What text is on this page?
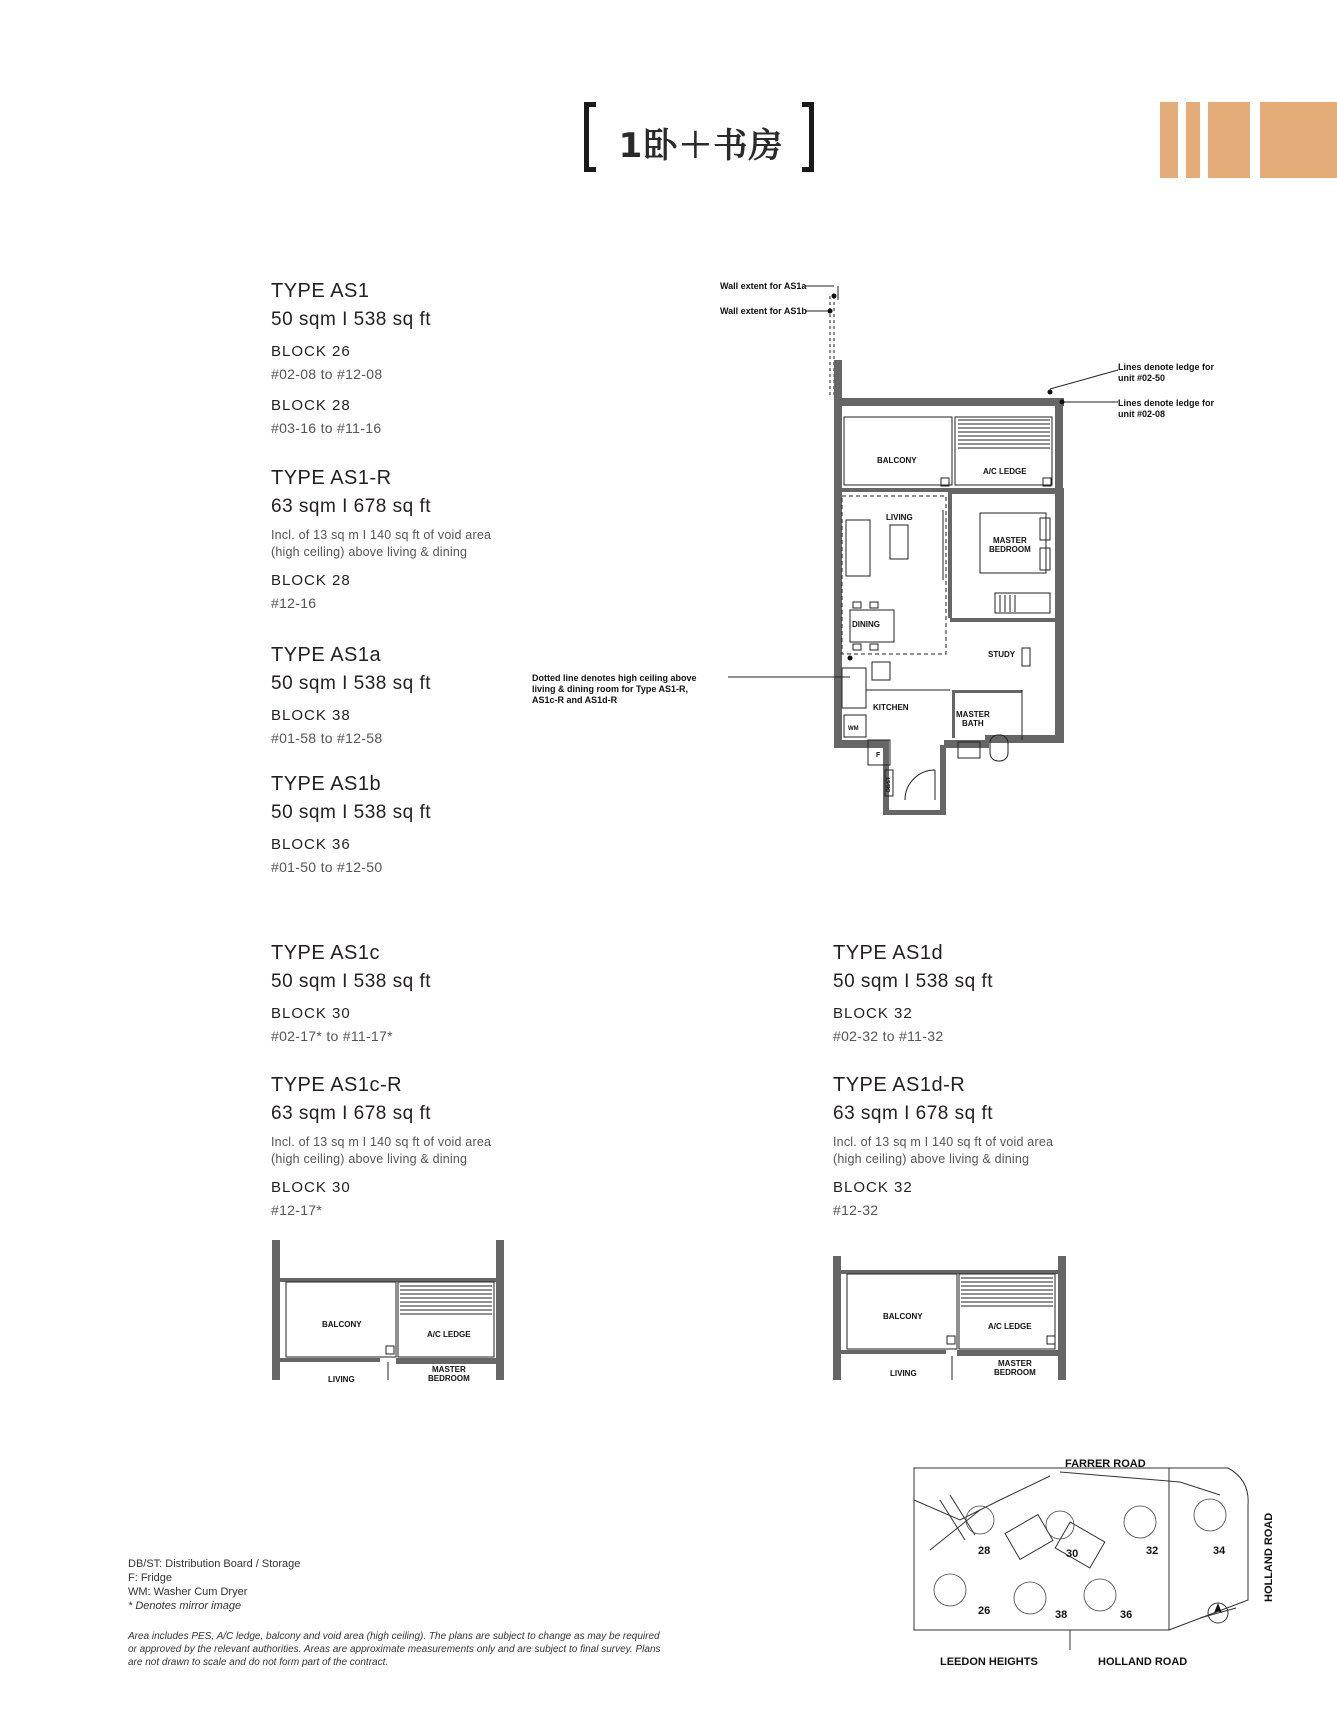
1卧＋书房
TYPE AS1
50 sqm I 538 sq ft
BLOCK 26
#02-08 to #12-08
BLOCK 28
#03-16 to #11-16
TYPE AS1-R
63 sqm I 678 sq ft
Incl. of 13 sq m I 140 sq ft of void area (high ceiling) above living & dining
BLOCK 28
#12-16
TYPE AS1a
50 sqm I 538 sq ft
BLOCK 38
#01-58 to #12-58
TYPE AS1b
50 sqm I 538 sq ft
BLOCK 36
#01-50 to #12-50
TYPE AS1c
50 sqm I 538 sq ft
BLOCK 30
#02-17* to #11-17*
TYPE AS1c-R
63 sqm I 678 sq ft
Incl. of 13 sq m I 140 sq ft of void area (high ceiling) above living & dining
BLOCK 30
#12-17*
TYPE AS1d
50 sqm I 538 sq ft
BLOCK 32
#02-32 to #11-32
TYPE AS1d-R
63 sqm I 678 sq ft
Incl. of 13 sq m I 140 sq ft of void area (high ceiling) above living & dining
BLOCK 32
#12-32
Wall extent for AS1a
Wall extent for AS1b
Lines denote ledge for
unit #02-50
Lines denote ledge for
unit #02-08
Dotted line denotes high ceiling above
living & dining room for Type AS1-R,
AS1c-R and AS1d-R
BALCONY
A/C LEDGE
LIVING
MASTER
BEDROOM
DINING
STUDY
KITCHEN
MASTER
BATH
WM
F
DB/ST
BALCONY
A/C LEDGE
LIVING
MASTER
BEDROOM
BALCONY
A/C LEDGE
LIVING
MASTER
BEDROOM
FARRER ROAD
HOLLAND ROAD
LEEDON HEIGHTS	HOLLAND ROAD
28	30	32	34
26	38	36
DB/ST: Distribution Board / Storage
F: Fridge
WM: Washer Cum Dryer
* Denotes mirror image
Area includes PES, A/C ledge, balcony and void area (high ceiling). The plans are subject to change as may be required or approved by the relevant authorities. Areas are approximate measurements only and are subject to final survey. Plans are not drawn to scale and do not form part of the contract.
